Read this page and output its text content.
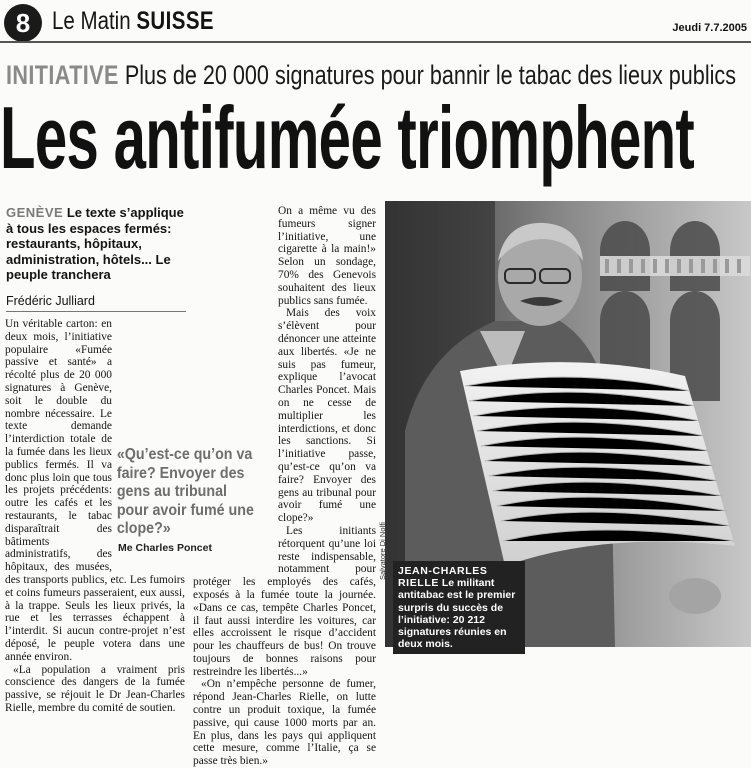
8 Le Matin SUISSE	Jeudi 7.7.2005
INITIATIVE Plus de 20 000 signatures pour bannir le tabac des lieux publics
Les antifumée triomphent
GENÈVE Le texte s’applique à tous les espaces fermés: restaurants, hôpitaux, administration, hôtels... Le peuple tranchera
Frédéric Julliard

Un véritable carton: en deux mois, l’initiative populaire «Fumée passive et santé» a récolté plus de 20 000 signatures à Genève, soit le double du nombre nécessaire. Le texte demande l’interdiction totale de la fumée dans les lieux publics fermés. Il va donc plus loin que tous les projets précédents: outre les cafés et les restaurants, le tabac disparaîtrait des bâtiments administratifs, des hôpitaux, des musées, des transports publics, etc. Les fumoirs et coins fumeurs passeraient, eux aussi, à la trappe. Seuls les lieux privés, la rue et les terrasses échappent à l’interdit. Si aucun contre-projet n’est déposé, le peuple votera dans une année environ.

«La population a vraiment pris conscience des dangers de la fumée passive, se réjouit le Dr Jean-Charles Rielle, membre du comité de soutien.

On a même vu des fumeurs signer l’initiative, une cigarette à la main!» Selon un sondage, 70% des Genevois souhaitent des lieux publics sans fumée.

Mais des voix s’élèvent pour dénoncer une atteinte aux libertés. «Je ne suis pas fumeur, explique l’avocat Charles Poncet. Mais on ne cesse de multiplier les interdictions, et donc les sanctions. Si l’initiative passe, qu’est-ce qu’on va faire? Envoyer des gens au tribunal pour avoir fumé une clope?»

Les initiants rétorquent qu’une loi reste indispensable, notamment pour protéger les employés des cafés, exposés à la fumée toute la journée. «Dans ce cas, tempête Charles Poncet, il faut aussi interdire les voitures, car elles accroissent le risque d’accident pour les chauffeurs de bus! On trouve toujours de bonnes raisons pour restreindre les libertés...»

«On n’empêche personne de fumer, répond Jean-Charles Rielle, on lutte contre un produit toxique, la fumée passive, qui cause 1000 morts par an. En plus, dans les pays qui appliquent cette mesure, comme l’Italie, ça se passe très bien.»

«Qu’est-ce qu’on va faire? Envoyer des gens au tribunal pour avoir fumé une clope?»
Me Charles Poncet	Salvatore Di Nolfi	JEAN-CHARLES RIELLE Le militant antitabac est le premier surpris du succès de l’initiative: 20 212 signatures réunies en deux mois.
